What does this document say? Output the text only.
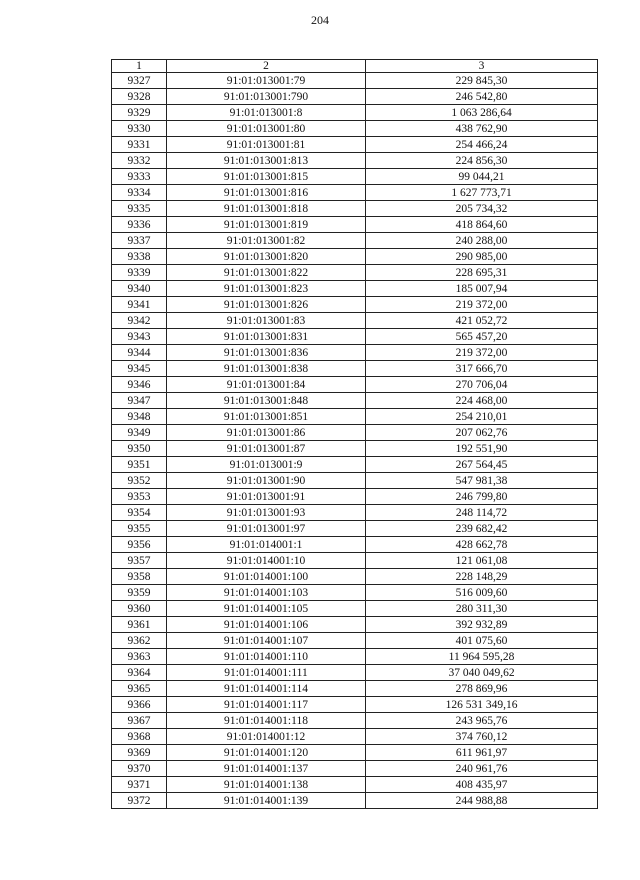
204
1	2	3
9327	91:01:013001:79	229 845,30
9328	91:01:013001:790	246 542,80
9329	91:01:013001:8	1 063 286,64
9330	91:01:013001:80	438 762,90
9331	91:01:013001:81	254 466,24
9332	91:01:013001:813	224 856,30
9333	91:01:013001:815	99 044,21
9334	91:01:013001:816	1 627 773,71
9335	91:01:013001:818	205 734,32
9336	91:01:013001:819	418 864,60
9337	91:01:013001:82	240 288,00
9338	91:01:013001:820	290 985,00
9339	91:01:013001:822	228 695,31
9340	91:01:013001:823	185 007,94
9341	91:01:013001:826	219 372,00
9342	91:01:013001:83	421 052,72
9343	91:01:013001:831	565 457,20
9344	91:01:013001:836	219 372,00
9345	91:01:013001:838	317 666,70
9346	91:01:013001:84	270 706,04
9347	91:01:013001:848	224 468,00
9348	91:01:013001:851	254 210,01
9349	91:01:013001:86	207 062,76
9350	91:01:013001:87	192 551,90
9351	91:01:013001:9	267 564,45
9352	91:01:013001:90	547 981,38
9353	91:01:013001:91	246 799,80
9354	91:01:013001:93	248 114,72
9355	91:01:013001:97	239 682,42
9356	91:01:014001:1	428 662,78
9357	91:01:014001:10	121 061,08
9358	91:01:014001:100	228 148,29
9359	91:01:014001:103	516 009,60
9360	91:01:014001:105	280 311,30
9361	91:01:014001:106	392 932,89
9362	91:01:014001:107	401 075,60
9363	91:01:014001:110	11 964 595,28
9364	91:01:014001:111	37 040 049,62
9365	91:01:014001:114	278 869,96
9366	91:01:014001:117	126 531 349,16
9367	91:01:014001:118	243 965,76
9368	91:01:014001:12	374 760,12
9369	91:01:014001:120	611 961,97
9370	91:01:014001:137	240 961,76
9371	91:01:014001:138	408 435,97
9372	91:01:014001:139	244 988,88
